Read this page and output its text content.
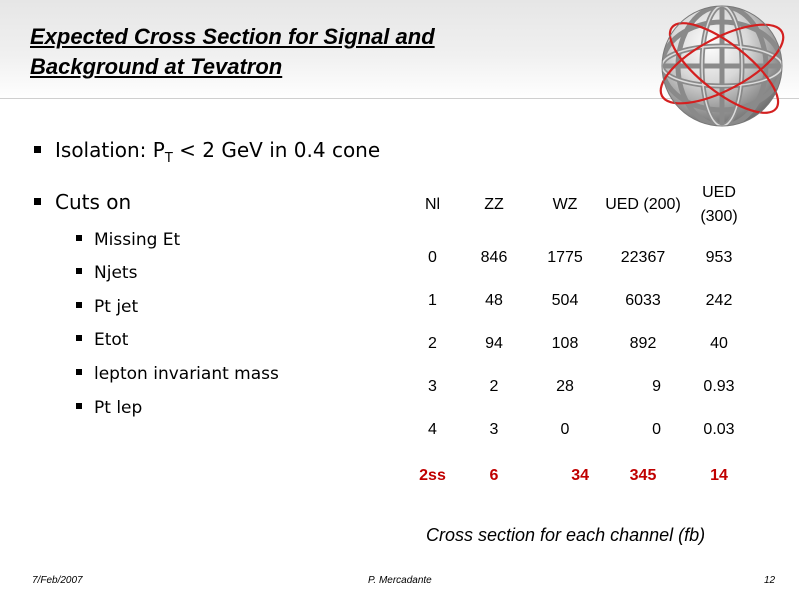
Expected Cross Section for Signal and
Background at Tevatron
Isolation: $P_T < 2$ GeV in 0.4 cone
Cuts on
Missing Et
Njets
Pt jet
Etot
lepton invariant mass
Pt lep
Nl	ZZ	WZ	UED (200)	UED (300)
0	846	1775	22367	953
1	48	504	6033	242
2	94	108	892	40
3	2	28	9	0.93
4	3	0	0	0.03
2ss	6	34	345	14
Cross section for each channel (fb)
7/Feb/2007	P. Mercadante	12
